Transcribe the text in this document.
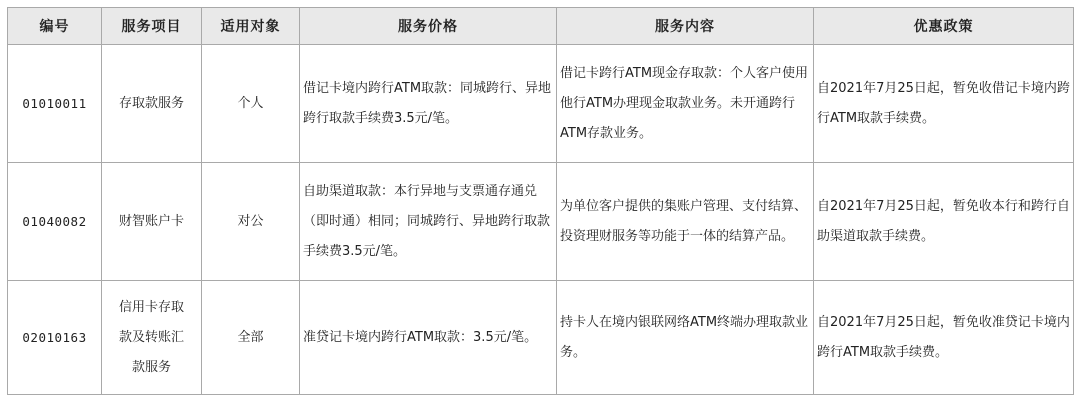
编号	服务项目	适用对象	服务价格	服务内容	优惠政策
01010011	存取款服务	个人	借记卡境内跨行ATM取款：同城跨行、异地跨行取款手续费3.5元/笔。	借记卡跨行ATM现金存取款：个人客户使用他行ATM办理现金取款业务。未开通跨行ATM存款业务。	自2021年7月25日起，暂免收借记卡境内跨行ATM取款手续费。
01040082	财智账户卡	对公	自助渠道取款：本行异地与支票通存通兑（即时通）相同；同城跨行、异地跨行取款手续费3.5元/笔。	为单位客户提供的集账户管理、支付结算、投资理财服务等功能于一体的结算产品。	自2021年7月25日起，暂免收本行和跨行自助渠道取款手续费。
02010163	信用卡存取款及转账汇款服务	全部	准贷记卡境内跨行ATM取款：3.5元/笔。	持卡人在境内银联网络ATM终端办理取款业务。	自2021年7月25日起，暂免收准贷记卡境内跨行ATM取款手续费。
